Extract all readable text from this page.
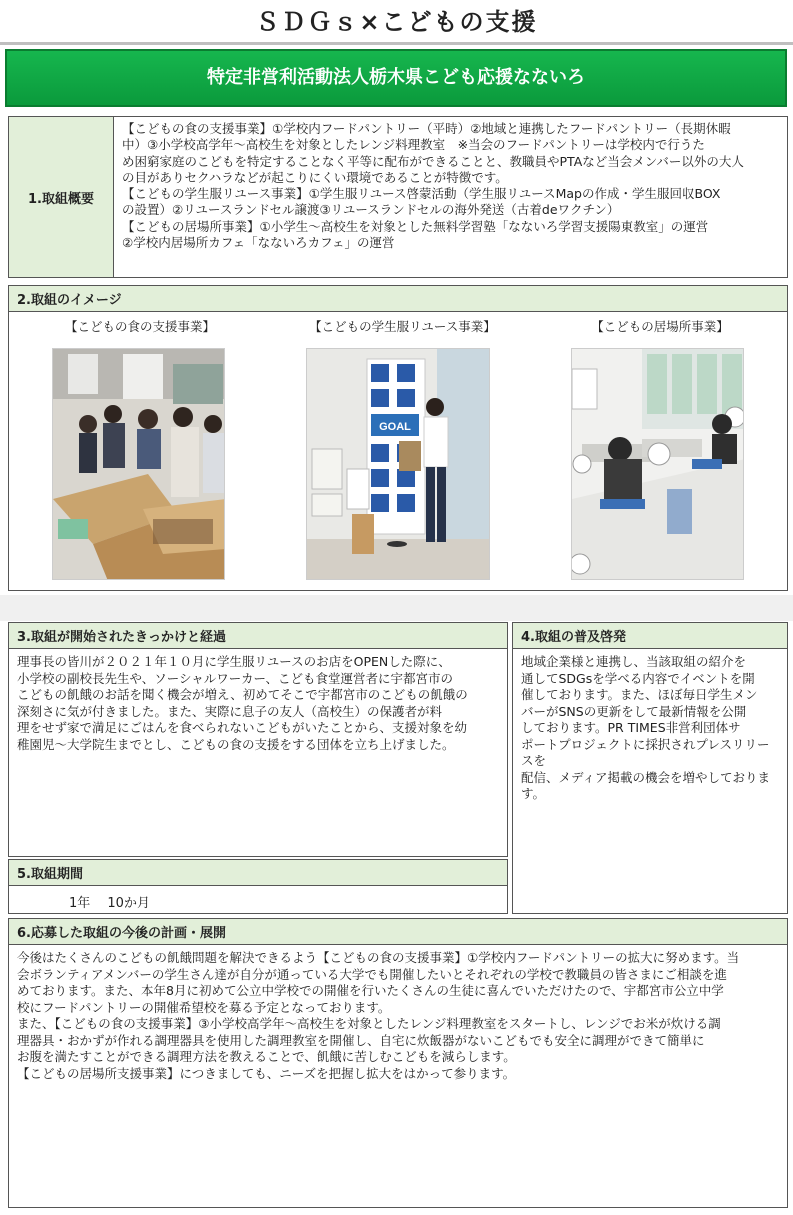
ＳＤＧｓ×こどもの支援
特定非営利活動法人栃木県こども応援なないろ
1.取組概要
【こどもの食の支援事業】①学校内フードパントリー（平時）②地域と連携したフードパントリー（長期休暇
中）③小学校高学年～高校生を対象としたレンジ料理教室　※当会のフードパントリーは学校内で行うた
め困窮家庭のこどもを特定することなく平等に配布ができることと、教職員やPTAなど当会メンバー以外の大人
の目がありセクハラなどが起こりにくい環境であることが特徴です。
【こどもの学生服リユース事業】①学生服リユース啓蒙活動（学生服リユースMapの作成・学生服回収BOX
の設置）②リユースランドセル譲渡③リユースランドセルの海外発送（古着deワクチン）
【こどもの居場所事業】①小学生～高校生を対象とした無料学習塾「なないろ学習支援陽東教室」の運営
②学校内居場所カフェ「なないろカフェ」の運営
2.取組のイメージ
【こどもの食の支援事業】	【こどもの学生服リユース事業】	【こどもの居場所事業】
GOAL
3.取組が開始されたきっかけと経過
理事長の皆川が２０２１年１０月に学生服リユースのお店をOPENした際に、
小学校の副校長先生や、ソーシャルワーカー、こども食堂運営者に宇都宮市の
こどもの飢餓のお話を聞く機会が増え、初めてそこで宇都宮市のこどもの飢餓の
深刻さに気が付きました。また、実際に息子の友人（高校生）の保護者が料
理をせず家で満足にごはんを食べられないこどもがいたことから、支援対象を幼
稚園児～大学院生までとし、こどもの食の支援をする団体を立ち上げました。
4.取組の普及啓発
地域企業様と連携し、当該取組の紹介を
通してSDGsを学べる内容でイベントを開
催しております。また、ほぼ毎日学生メン
バーがSNSの更新をして最新情報を公開
しております。PR TIMES非営利団体サ
ポートプロジェクトに採択されプレスリリースを
配信、メディア掲載の機会を増やしておりま
す。
5.取組期間
1年　 10か月
6.応募した取組の今後の計画・展開
今後はたくさんのこどもの飢餓問題を解決できるよう【こどもの食の支援事業】①学校内フードパントリーの拡大に努めます。当
会ボランティアメンバーの学生さん達が自分が通っている大学でも開催したいとそれぞれの学校で教職員の皆さまにご相談を進
めております。また、本年8月に初めて公立中学校での開催を行いたくさんの生徒に喜んでいただけたので、宇都宮市公立中学
校にフードパントリーの開催希望校を募る予定となっております。
また、【こどもの食の支援事業】③小学校高学年～高校生を対象としたレンジ料理教室をスタートし、レンジでお米が炊ける調
理器具・おかずが作れる調理器具を使用した調理教室を開催し、自宅に炊飯器がないこどもでも安全に調理ができて簡単に
お腹を満たすことができる調理方法を教えることで、飢餓に苦しむこどもを減らします。
【こどもの居場所支援事業】につきましても、ニーズを把握し拡大をはかって参ります。
